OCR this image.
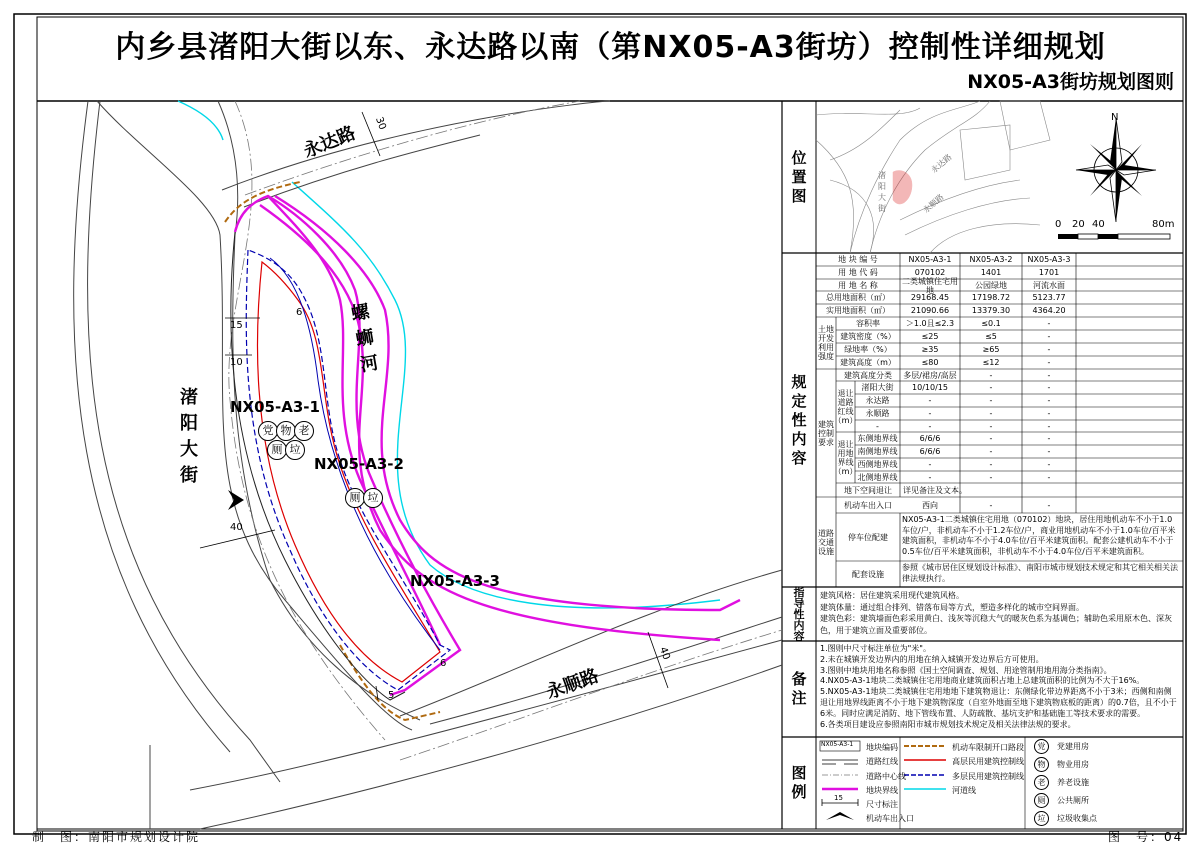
内乡县渚阳大街以东、永达路以南（第NX05-A3街坊）控制性详细规划
NX05-A3街坊规划图则
永达路
渚阳大街
永顺路
螺蛳河
NX05-A3-1
NX05-A3-2
NX05-A3-3
30
15
10
6
40
40
6
5
党 物 老
厕 垃
厕 垃
位置图
渚阳大街
永达路
永顺路
N
0 20 40	80m
规定性内容
地 块 编 号	NX05-A3-1	NX05-A3-2	NX05-A3-3
用 地 代 码	070102	1401	1701
用 地 名 称	二类城镇住宅用地	公园绿地	河流水面
总用地面积（㎡）	29168.45	17198.72	5123.77
实用地面积（㎡）	21090.66	13379.30	4364.20
土地开发利用强度
容积率	＞1.0且≤2.3	≤0.1	-
建筑密度（%）	≤25	≤5	-
绿地率（%）	≥35	≥65	-
建筑高度（m）	≤80	≤12	-
建筑控制要求
建筑高度分类	多层/裙房/高层	-	-
退让道路红线（m）
渚阳大街	10/10/15	-	-
永达路	-	-	-
永顺路	-	-	-
-	-	-	-
退让用地界线（m）
东侧地界线	6/6/6	-	-
南侧地界线	6/6/6	-	-
西侧地界线	-	-	-
北侧地界线	-	-	-
地下空间退让	详见备注及文本。
道路交通设施
机动车出入口	西向	-	-
停车位配建
NX05-A3-1二类城镇住宅用地（070102）地块，居住用地机动车不小于1.0车位/户，非机动车不小于1.2车位/户，商业用地机动车不小于1.0车位/百平米建筑面积，非机动车不小于4.0车位/百平米建筑面积。配套公建机动车不小于0.5车位/百平米建筑面积，非机动车不小于4.0车位/百平米建筑面积。
配套设施
参照《城市居住区规划设计标准》、南阳市城市规划技术规定和其它相关相关法律法规执行。
指导性内容
建筑风格：居住建筑采用现代建筑风格。
建筑体量：通过组合排列、错落布局等方式，塑造多样化的城市空间界面。
建筑色彩：建筑墙面色彩采用黄白、浅灰等沉稳大气的暖灰色系为基调色；辅助色采用原木色、深灰色，用于建筑立面及重要部位。
备注
1.图则中尺寸标注单位为"米"。
2.未在城镇开发边界内的用地在纳入城镇开发边界后方可使用。
3.图则中地块用地名称参照《国土空间调查、规划、用途管制用地用海分类指南》。
4.NX05-A3-1地块二类城镇住宅用地商业建筑面积占地上总建筑面积的比例为不大于16%。
5.NX05-A3-1地块二类城镇住宅用地地下建筑物退让：东侧绿化带边界距离不小于3米；西侧和南侧退让用地界线距离不小于地下建筑物深度（自室外地面至地下建筑物底板的距离）的0.7倍，且不小于6米。同时应满足消防、地下管线布置、人防疏散、基坑支护和基础施工等技术要求的需要。
6.各类项目建设应参照南阳市城市规划技术规定及相关法律法规的要求。
图例
NX05-A3-1
15
地块编码
道路红线
道路中心线
地块界线
尺寸标注
机动车出入口
机动车限制开口路段
高层民用建筑控制线
多层民用建筑控制线
河道线
党　 党建用房
物　 物业用房
老　 养老设施
厕　 公共厕所
垃　 垃圾收集点
制　图：南阳市规划设计院	图　号：04
